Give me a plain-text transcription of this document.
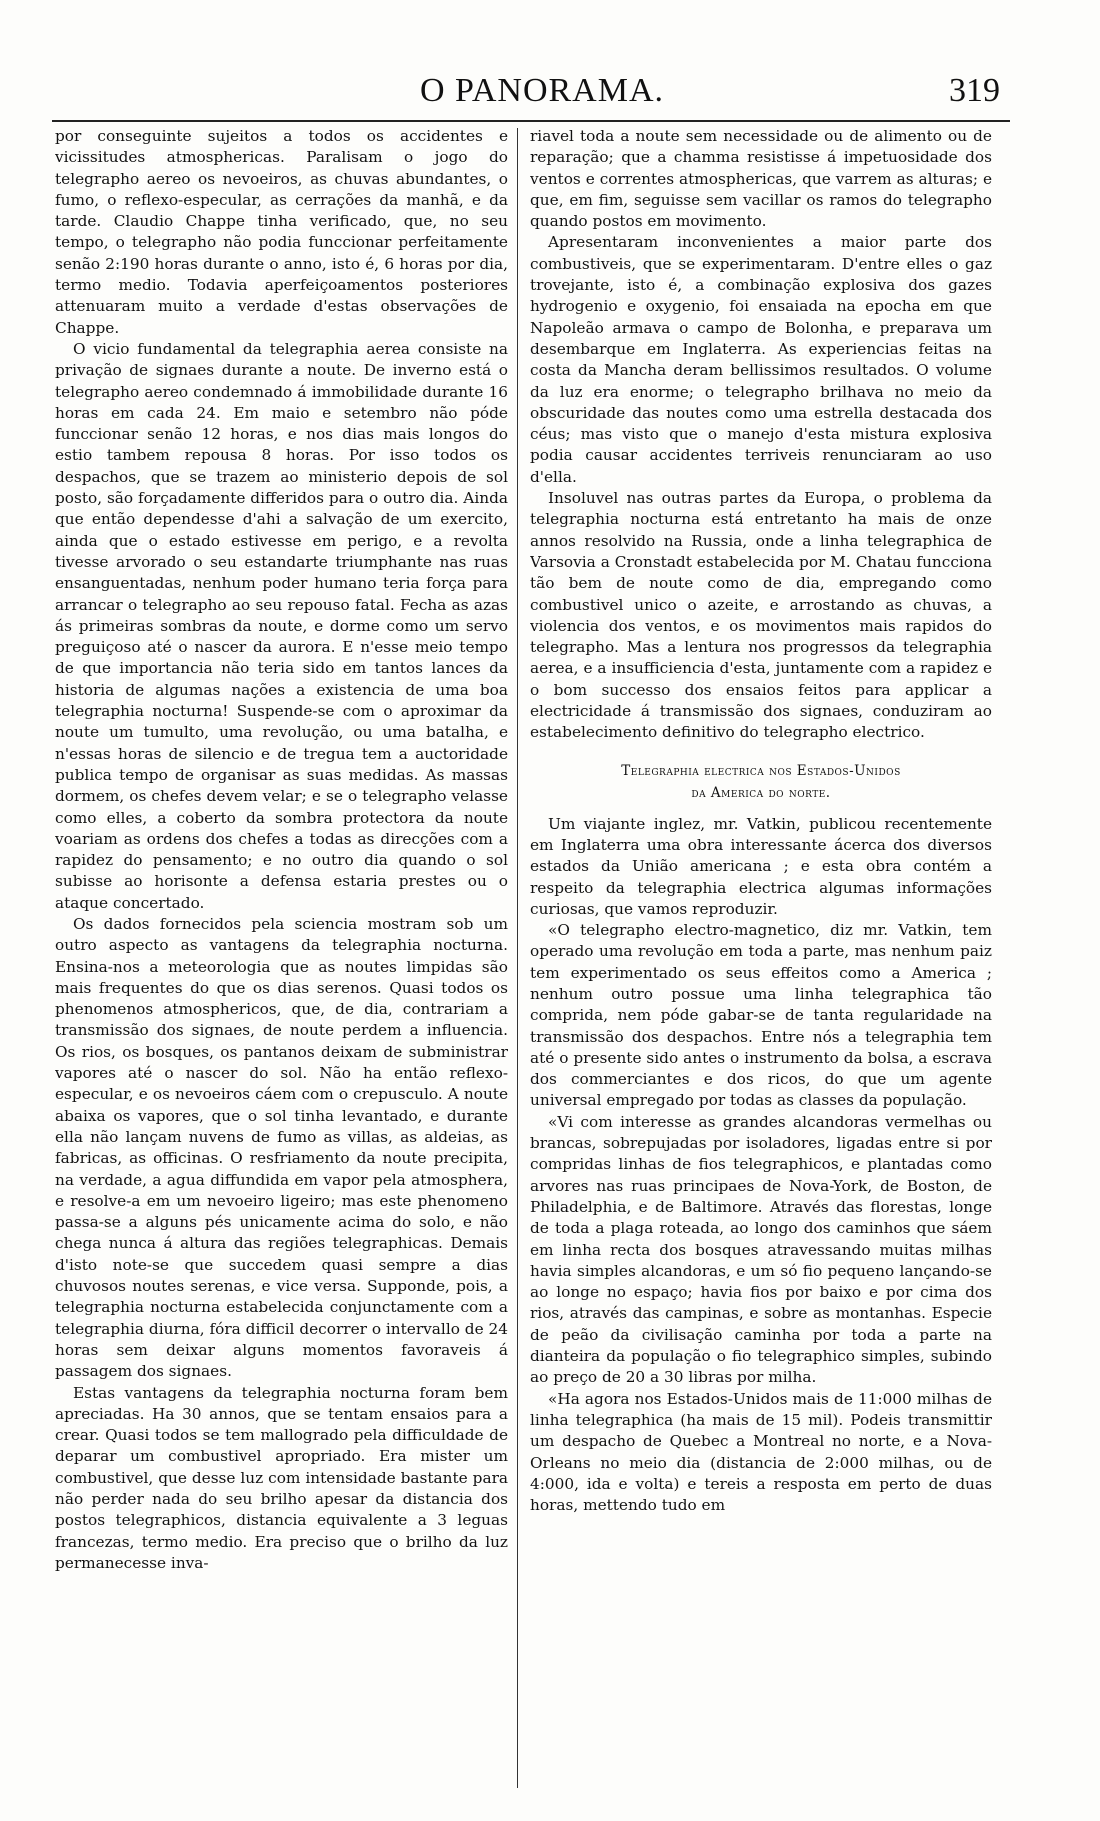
O PANORAMA.	319

por conseguinte sujeitos a todos os accidentes e vicissitudes atmosphericas. Paralisam o jogo do telegrapho aereo os nevoeiros, as chuvas abundantes, o fumo, o reflexo-especular, as cerrações da manhã, e da tarde. Claudio Chappe tinha verificado, que, no seu tempo, o telegrapho não podia funccionar perfeitamente senão 2:190 horas durante o anno, isto é, 6 horas por dia, termo medio. Todavia aperfeiçoamentos posteriores attenuaram muito a verdade d'estas observações de Chappe.

O vicio fundamental da telegraphia aerea consiste na privação de signaes durante a noute. De inverno está o telegrapho aereo condemnado á immobilidade durante 16 horas em cada 24. Em maio e setembro não póde funccionar senão 12 horas, e nos dias mais longos do estio tambem repousa 8 horas. Por isso todos os despachos, que se trazem ao ministerio depois de sol posto, são forçadamente differidos para o outro dia. Ainda que então dependesse d'ahi a salvação de um exercito, ainda que o estado estivesse em perigo, e a revolta tivesse arvorado o seu estandarte triumphante nas ruas ensanguentadas, nenhum poder humano teria força para arrancar o telegrapho ao seu repouso fatal. Fecha as azas ás primeiras sombras da noute, e dorme como um servo preguiçoso até o nascer da aurora. E n'esse meio tempo de que importancia não teria sido em tantos lances da historia de algumas nações a existencia de uma boa telegraphia nocturna! Suspende-se com o aproximar da noute um tumulto, uma revolução, ou uma batalha, e n'essas horas de silencio e de tregua tem a auctoridade publica tempo de organisar as suas medidas. As massas dormem, os chefes devem velar; e se o telegrapho velasse como elles, a coberto da sombra protectora da noute voariam as ordens dos chefes a todas as direcções com a rapidez do pensamento; e no outro dia quando o sol subisse ao horisonte a defensa estaria prestes ou o ataque concertado.

Os dados fornecidos pela sciencia mostram sob um outro aspecto as vantagens da telegraphia nocturna. Ensina-nos a meteorologia que as noutes limpidas são mais frequentes do que os dias serenos. Quasi todos os phenomenos atmosphericos, que, de dia, contrariam a transmissão dos signaes, de noute perdem a influencia. Os rios, os bosques, os pantanos deixam de subministrar vapores até o nascer do sol. Não ha então reflexo-especular, e os nevoeiros cáem com o crepusculo. A noute abaixa os vapores, que o sol tinha levantado, e durante ella não lançam nuvens de fumo as villas, as aldeias, as fabricas, as officinas. O resfriamento da noute precipita, na verdade, a agua diffundida em vapor pela atmosphera, e resolve-a em um nevoeiro ligeiro; mas este phenomeno passa-se a alguns pés unicamente acima do solo, e não chega nunca á altura das regiões telegraphicas. Demais d'isto note-se que succedem quasi sempre a dias chuvosos noutes serenas, e vice versa. Supponde, pois, a telegraphia nocturna estabelecida conjunctamente com a telegraphia diurna, fóra difficil decorrer o intervallo de 24 horas sem deixar alguns momentos favoraveis á passagem dos signaes.

Estas vantagens da telegraphia nocturna foram bem apreciadas. Ha 30 annos, que se tentam ensaios para a crear. Quasi todos se tem mallogrado pela difficuldade de deparar um combustivel apropriado. Era mister um combustivel, que desse luz com intensidade bastante para não perder nada do seu brilho apesar da distancia dos postos telegraphicos, distancia equivalente a 3 leguas francezas, termo medio. Era preciso que o brilho da luz permanecesse inva-

riavel toda a noute sem necessidade ou de alimento ou de reparação; que a chamma resistisse á impetuosidade dos ventos e correntes atmosphericas, que varrem as alturas; e que, em fim, seguisse sem vacillar os ramos do telegrapho quando postos em movimento.

Apresentaram inconvenientes a maior parte dos combustiveis, que se experimentaram. D'entre elles o gaz trovejante, isto é, a combinação explosiva dos gazes hydrogenio e oxygenio, foi ensaiada na epocha em que Napoleão armava o campo de Bolonha, e preparava um desembarque em Inglaterra. As experiencias feitas na costa da Mancha deram bellissimos resultados. O volume da luz era enorme; o telegrapho brilhava no meio da obscuridade das noutes como uma estrella destacada dos céus; mas visto que o manejo d'esta mistura explosiva podia causar accidentes terriveis renunciaram ao uso d'ella.

Insoluvel nas outras partes da Europa, o problema da telegraphia nocturna está entretanto ha mais de onze annos resolvido na Russia, onde a linha telegraphica de Varsovia a Cronstadt estabelecida por M. Chatau funcciona tão bem de noute como de dia, empregando como combustivel unico o azeite, e arrostando as chuvas, a violencia dos ventos, e os movimentos mais rapidos do telegrapho. Mas a lentura nos progressos da telegraphia aerea, e a insufficiencia d'esta, juntamente com a rapidez e o bom successo dos ensaios feitos para applicar a electricidade á transmissão dos signaes, conduziram ao estabelecimento definitivo do telegrapho electrico.

Telegraphia electrica nos Estados-Unidos
da America do norte.

Um viajante inglez, mr. Vatkin, publicou recentemente em Inglaterra uma obra interessante ácerca dos diversos estados da União americana ; e esta obra contém a respeito da telegraphia electrica algumas informações curiosas, que vamos reproduzir.

«O telegrapho electro-magnetico, diz mr. Vatkin, tem operado uma revolução em toda a parte, mas nenhum paiz tem experimentado os seus effeitos como a America ; nenhum outro possue uma linha telegraphica tão comprida, nem póde gabar-se de tanta regularidade na transmissão dos despachos. Entre nós a telegraphia tem até o presente sido antes o instrumento da bolsa, a escrava dos commerciantes e dos ricos, do que um agente universal empregado por todas as classes da população.

«Vi com interesse as grandes alcandoras vermelhas ou brancas, sobrepujadas por isoladores, ligadas entre si por compridas linhas de fios telegraphicos, e plantadas como arvores nas ruas principaes de Nova-York, de Boston, de Philadelphia, e de Baltimore. Através das florestas, longe de toda a plaga roteada, ao longo dos caminhos que sáem em linha recta dos bosques atravessando muitas milhas havia simples alcandoras, e um só fio pequeno lançando-se ao longe no espaço; havia fios por baixo e por cima dos rios, através das campinas, e sobre as montanhas. Especie de peão da civilisação caminha por toda a parte na dianteira da população o fio telegraphico simples, subindo ao preço de 20 a 30 libras por milha.

«Ha agora nos Estados-Unidos mais de 11:000 milhas de linha telegraphica (ha mais de 15 mil). Podeis transmittir um despacho de Quebec a Montreal no norte, e a Nova-Orleans no meio dia (distancia de 2:000 milhas, ou de 4:000, ida e volta) e tereis a resposta em perto de duas horas, mettendo tudo em
